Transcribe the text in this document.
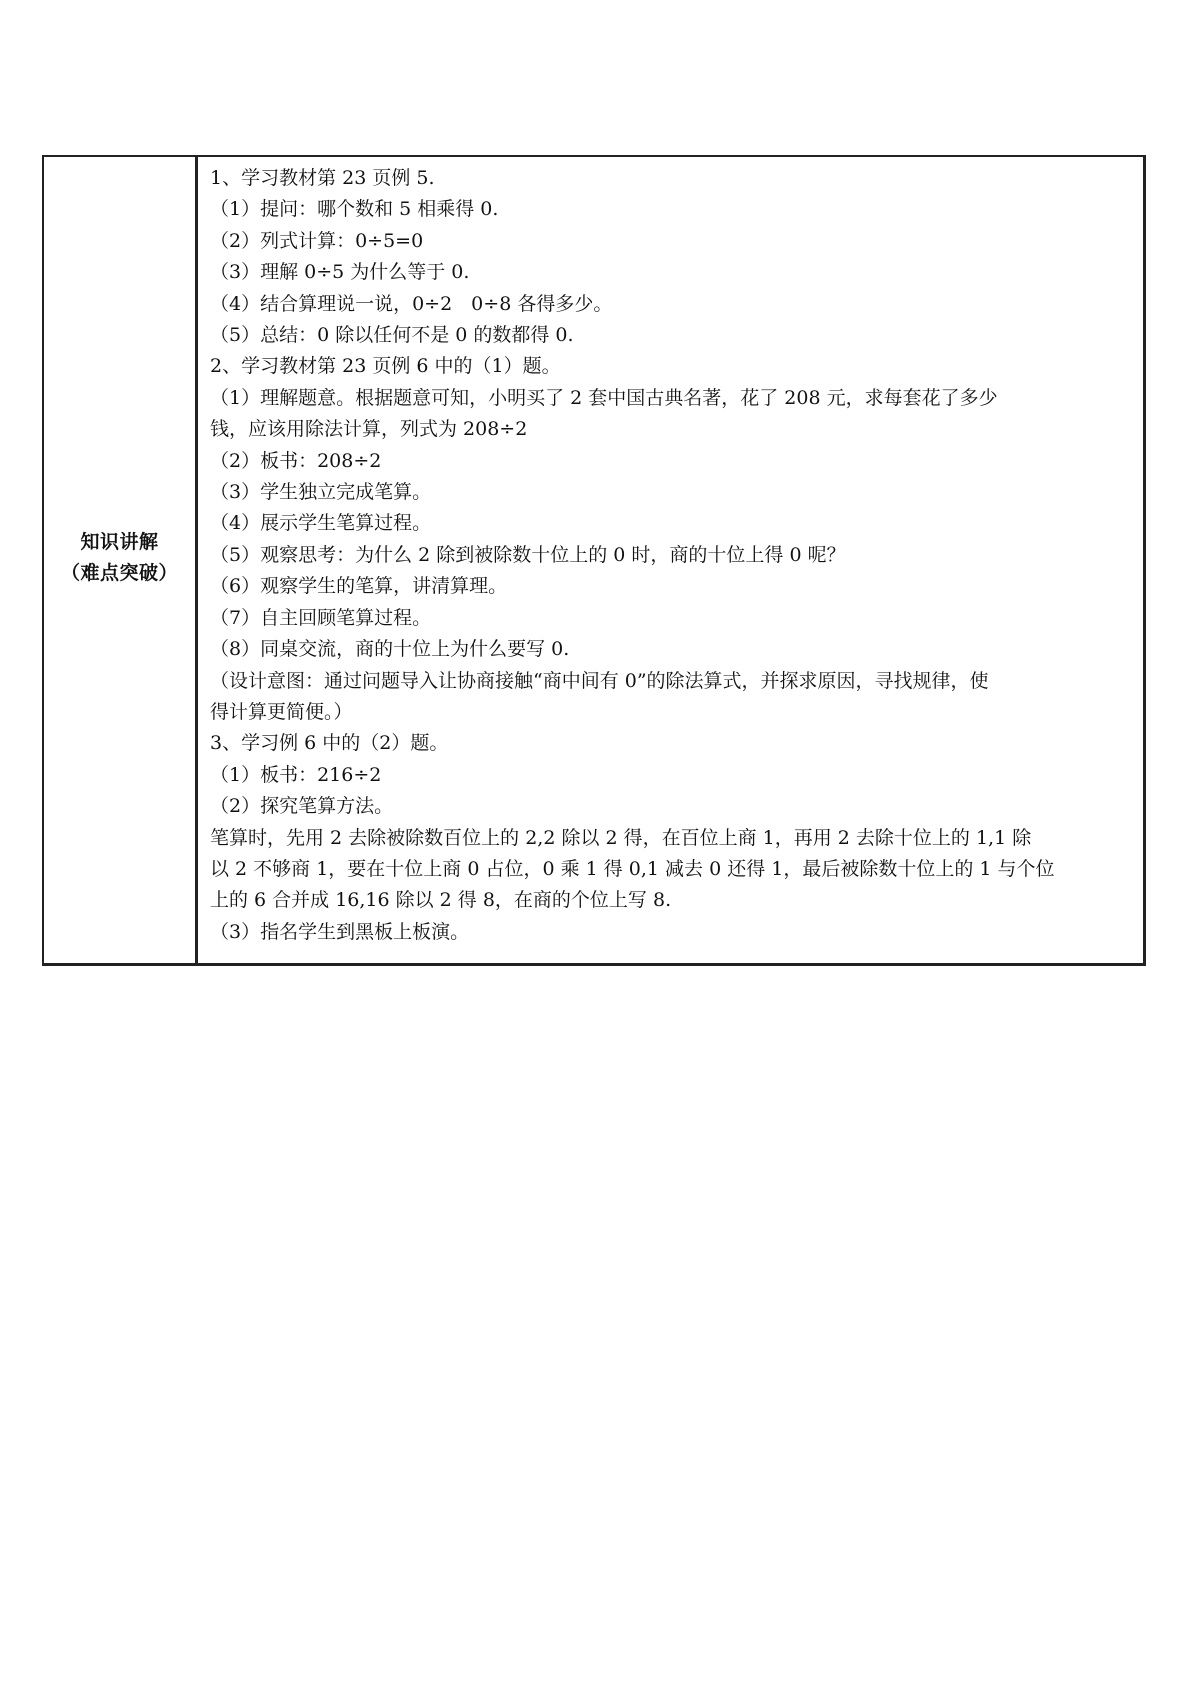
知识讲解
（难点突破）

1、学习教材第 23 页例 5.

（1）提问：哪个数和 5 相乘得 0.

（2）列式计算：0÷5=0

（3）理解 0÷5 为什么等于 0.

（4）结合算理说一说，0÷2　0÷8 各得多少。

（5）总结：0 除以任何不是 0 的数都得 0.

2、学习教材第 23 页例 6 中的（1）题。

（1）理解题意。根据题意可知，小明买了 2 套中国古典名著，花了 208 元，求每套花了多少

钱，应该用除法计算，列式为 208÷2

（2）板书：208÷2

（3）学生独立完成笔算。

（4）展示学生笔算过程。

（5）观察思考：为什么 2 除到被除数十位上的 0 时，商的十位上得 0 呢？

（6）观察学生的笔算，讲清算理。

（7）自主回顾笔算过程。

（8）同桌交流，商的十位上为什么要写 0.

（设计意图：通过问题导入让协商接触“商中间有 0”的除法算式，并探求原因，寻找规律，使

得计算更简便。）

3、学习例 6 中的（2）题。

（1）板书：216÷2

（2）探究笔算方法。

笔算时，先用 2 去除被除数百位上的 2,2 除以 2 得，在百位上商 1，再用 2 去除十位上的 1,1 除

以 2 不够商 1，要在十位上商 0 占位，0 乘 1 得 0,1 减去 0 还得 1，最后被除数十位上的 1 与个位

上的 6 合并成 16,16 除以 2 得 8，在商的个位上写 8.

（3）指名学生到黑板上板演。
